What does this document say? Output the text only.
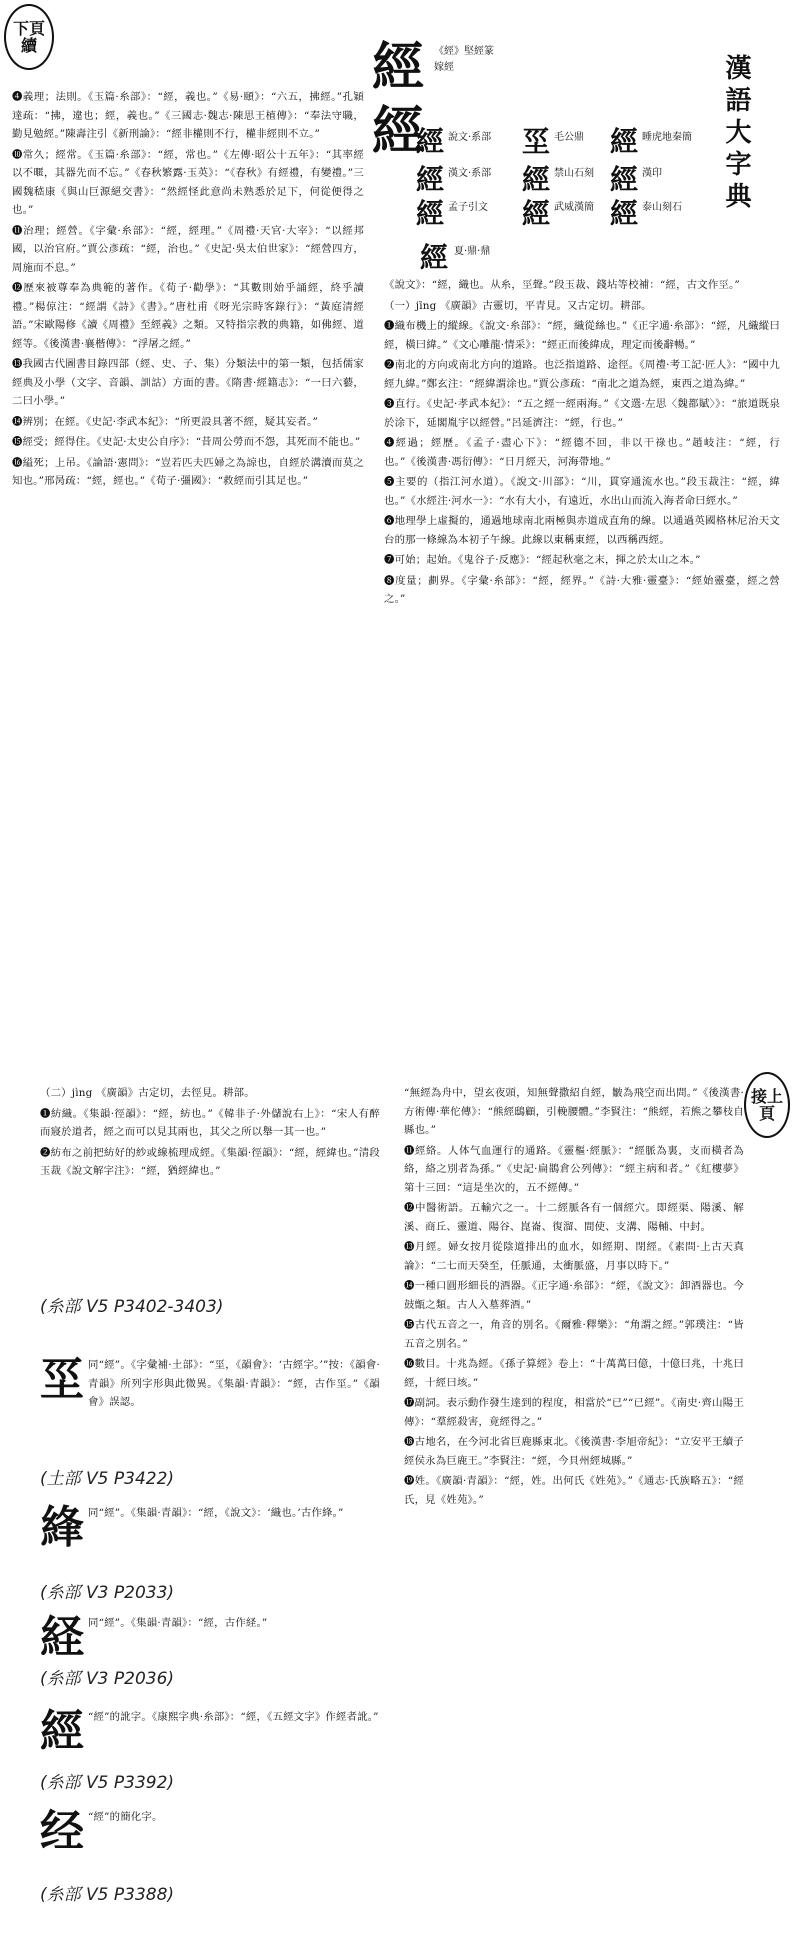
下頁續	經 《經》堅經篆
嫁經
經
經 說文·系部 坙 毛公鼎 經 睡虎地秦簡
經 漢文·系部 經 禁山石刻 經 漢印
經 孟子引文 經 武威漢簡 經 泰山刻石
經 夏·鼎·鼎
漢語大字典

❹義理；法則。《玉篇·糸部》：“經，義也。”《易·頤》：“六五，拂經。”孔穎達疏：“拂，違也；經，義也。”《三國志·魏志·陳思王植傳》：“奉法守職，勤見勉經。”陳壽注引《新刑論》：“經非權則不行，權非經則不立。”

❿常久；經常。《玉篇·糸部》：“經，常也。”《左傳·昭公十五年》：“其率經以不暱，其器先而不忘。”《春秋繁露·玉英》：“《春秋》有經禮，有變禮。”三國魏嵇康《與山巨源絕交書》：“然經怪此意尚未熟悉於足下，何從便得之也。”

⓫治理；經營。《字彙·糸部》：“經，經理。”《周禮·天官·大宰》：“以經邦國，以治官府。”賈公彥疏：“經，治也。”《史記·吳太伯世家》：“經營四方，周施而不息。”

⓬歷來被尊奉為典範的著作。《荀子·勸學》：“其數則始乎誦經，終乎讀禮。”楊倞注：“經謂《詩》《書》。”唐杜甫《呀光宗時客錄行》：“黃庭清經語。”宋歐陽修《讀《周禮》至經義》之類。又特指宗教的典籍，如佛經、道經等。《後漢書·襄楷傳》：“浮屠之經。”

⓭我國古代圖書目錄四部（經、史、子、集）分類法中的第一類，包括儒家經典及小學（文字、音韻、訓詁）方面的書。《隋書·經籍志》：“一曰六藝，二曰小學。”

⓮辨別；在經。《史記·李武本紀》：“所更設具著不經，疑其妄者。”

⓯經受；經得住。《史記·太史公自序》：“昔周公勞而不怨，其死而不能也。”

⓰縊死；上吊。《論語·憲問》：“豈若匹夫匹婦之為諒也，自經於溝瀆而莫之知也。”邢昺疏：“經，經也。”《荀子·彊國》：“救經而引其足也。”

《說文》：“經，織也。从糸，巠聲。”段玉裁、錢坫等校補：“經，古文作巠。”

（一）jīng 《廣韻》古靈切，平青見。又古定切。耕部。

❶織布機上的縱線。《說文·糸部》：“經，織從絲也。”《正字通·糸部》：“經，凡織縱曰經，橫曰緯。”《文心雕龍·情采》：“經正而後緯成，理定而後辭暢。”

❷南北的方向或南北方向的道路。也泛指道路、途徑。《周禮·考工記·匠人》：“國中九經九緯。”鄭玄注：“經緯謂涂也。”賈公彥疏：“南北之道為經，東西之道為緯。”

❸直行。《史記·孝武本紀》：“五之經一經兩海。”《文選·左思〈魏都賦〉》：“旅道既泉於涂下，延閣胤宇以經營。”呂延濟注：“經，行也。”

❹經過；經歷。《孟子·盡心下》：“經德不回，非以干祿也。”趙岐注：“經，行也。”《後漢書·馮衍傳》：“日月經天，河海帶地。”

❺主要的（指江河水道）。《說文·川部》：“川，貫穿通流水也。”段玉裁注：“經，緯也。”《水經注·河水一》：“水有大小，有遠近，水出山而流入海者命曰經水。”

❻地理學上虛擬的，通過地球南北兩極與赤道成直角的線。以通過英國格林尼治天文台的那一條線為本初子午線。此線以東稱東經，以西稱西經。

❼可始；起始。《鬼谷子·反應》：“經起秋毫之末，揮之於太山之本。”

❽度量；劃界。《字彙·糸部》：“經，經界。”《詩·大雅·靈臺》：“經始靈臺，經之營之。”

接上頁

（二）jìng 《廣韻》古定切，去徑見。耕部。

❶紡織。《集韻·徑韻》：“經，紡也。”《韓非子·外儲說右上》：“宋人有醉而寢於道者，經之而可以見其兩也，其父之所以舉一其一也。”

❷紡布之前把紡好的紗或線梳理成經。《集韻·徑韻》：“經，經緯也。”清段玉裁《說文解字注》：“經，猶經緯也。”

(糸部 V5 P3402-3403)
坙 同“經”。《字彙補·土部》：“坙，《韻會》：‘古經字。’”按：《韻會·青韻》所列字形與此微異。《集韻·青韻》：“經，古作坙。”《韻會》誤認。
(土部 V5 P3422)
綘 同“經”。《集韻·青韻》：“經，《說文》：‘織也。’古作綘。”
(糸部 V3 P2033)
経 同“經”。《集韻·青韻》：“經，古作経。”
(糸部 V3 P2036)
經 “經”的訛字。《康熙字典·糸部》：“經，《五經文字》作經者訛。”
(糸部 V5 P3392)
经 “經”的簡化字。
(糸部 V5 P3388)

“無經為舟中，望玄夜頭，知無聲撒紹自經，皺為飛空而出問。”《後漢書·方術傳·華佗傳》：“熊經鴟顧，引輓腰體。”李賢注：“熊經，若熊之攀枝自縣也。”

⓫經絡。人体气血運行的通路。《靈樞·經脈》：“經脈為裏，支而橫者為絡，絡之別者為孫。”《史記·扁鵲倉公列傳》：“經主病和者。”《紅樓夢》第十三回：“這是坐次的，五不經傳。”

⓬中醫術語。五輸穴之一。十二經脈各有一個經穴。即經渠、陽溪、解溪、商丘、靈道、陽谷、崑崙、復溜、間使、支溝、陽輔、中封。

⓭月經。婦女按月從陰道排出的血水，如經期、閉經。《素問·上古天真論》：“二七而天癸至，任脈通，太衝脈盛，月事以時下。”

⓮一種口圓形細長的酒器。《正字通·糸部》：“經，《說文》：卸酒器也。今鼓甑之類。古人入墓葬酒。”

⓯古代五音之一，角音的別名。《爾雅·釋樂》：“角謂之經。”郭璞注：“皆五音之別名。”

⓰數目。十兆為經。《孫子算經》卷上：“十萬萬曰億，十億曰兆，十兆曰經，十經曰垓。”

⓱副詞。表示動作發生達到的程度，相當於“已”“已經”。《南史·齊山陽王傳》：“羣經殺害，竟經得之。”

⓲古地名，在今河北省巨鹿縣東北。《後漢書·李旭帝紀》：“立安平王續子經侯永為巨鹿王。”李賢注：“經，今貝州經城縣。”

⓳姓。《廣韻·青韻》：“經，姓。出何氏《姓苑》。”《通志·氏族略五》：“經氏，見《姓苑》。”
